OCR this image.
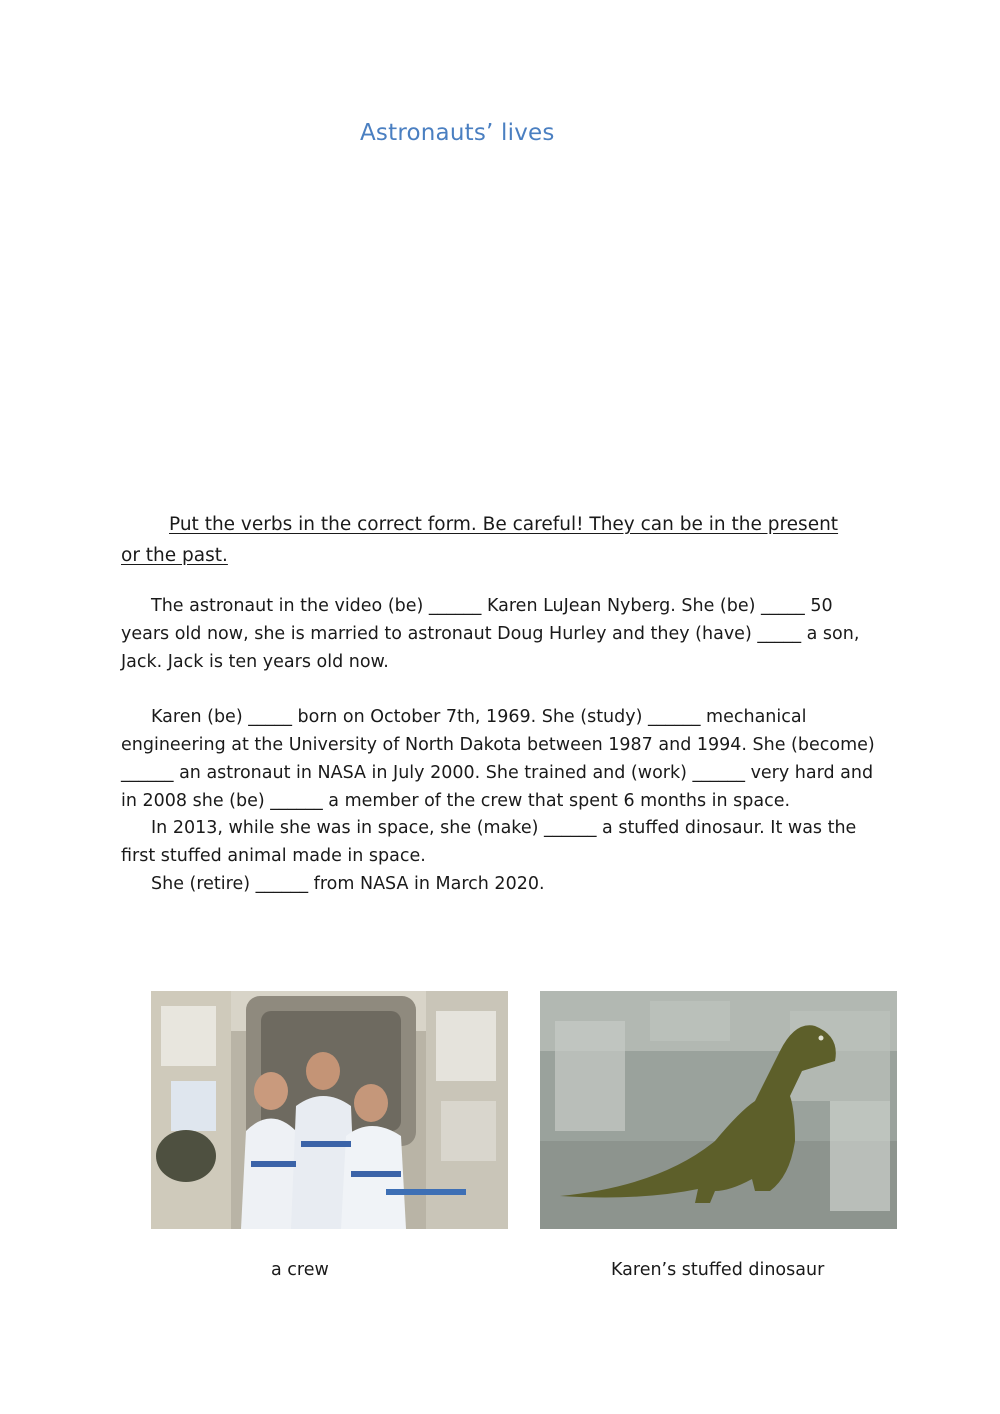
Astronauts’ lives
Put the verbs in the correct form. Be careful! They can be in the present or the past.

The astronaut in the video (be) ______ Karen LuJean Nyberg. She (be) _____ 50 years old now, she is married to astronaut Doug Hurley and they (have) _____ a son, Jack. Jack is ten years old now.

Karen (be) _____ born on October 7th, 1969. She (study) ______ mechanical engineering at the University of North Dakota between 1987 and 1994. She (become) ______ an astronaut in NASA in July 2000. She trained and (work) ______ very hard and in 2008 she (be) ______ a member of the crew that spent 6 months in space.

In 2013, while she was in space, she (make) ______ a stuffed dinosaur. It was the first stuffed animal made in space.

She (retire) ______ from NASA in March 2020.

a crew	Karen’s stuffed dinosaur
